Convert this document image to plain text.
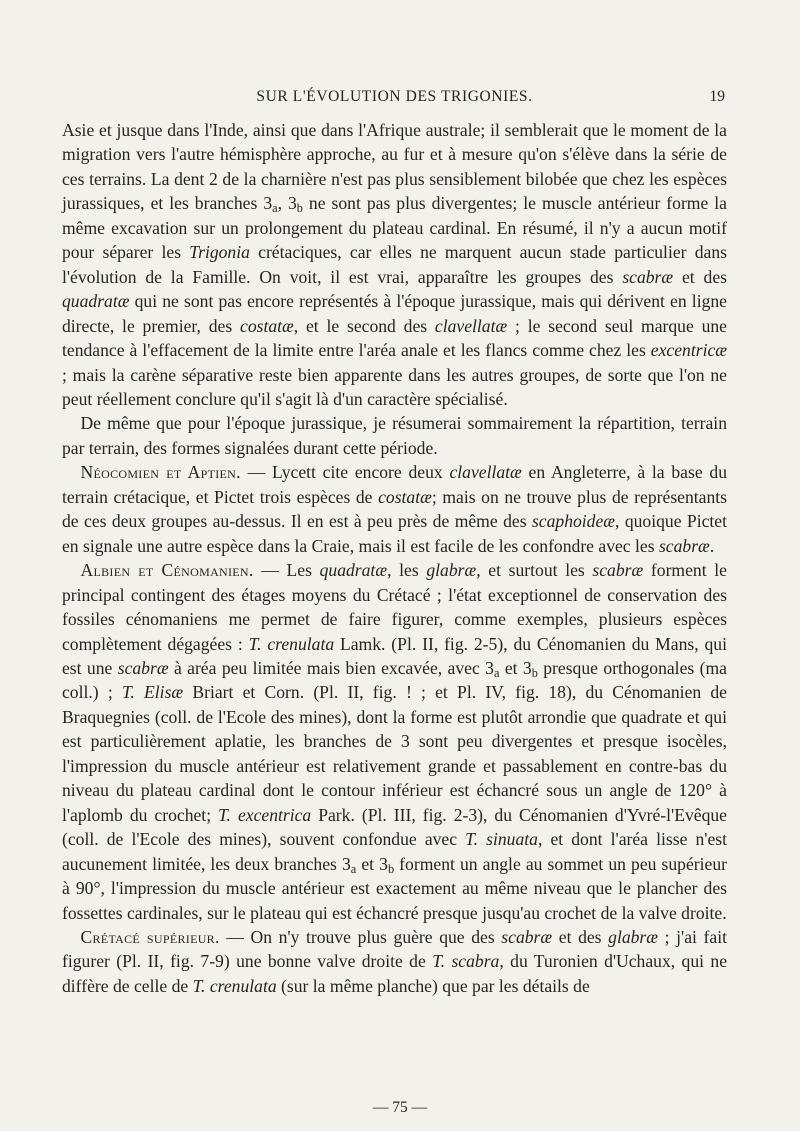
SUR L'ÉVOLUTION DES TRIGONIES.	19

Asie et jusque dans l'Inde, ainsi que dans l'Afrique australe; il semblerait que le moment de la migration vers l'autre hémisphère approche, au fur et à mesure qu'on s'élève dans la série de ces terrains. La dent 2 de la charnière n'est pas plus sensiblement bilobée que chez les espèces jurassiques, et les branches $3_a$, $3_b$ ne sont pas plus divergentes; le muscle antérieur forme la même excavation sur un prolongement du plateau cardinal. En résumé, il n'y a aucun motif pour séparer les Trigonia crétaciques, car elles ne marquent aucun stade particulier dans l'évolution de la Famille. On voit, il est vrai, apparaître les groupes des scabræ et des quadratæ qui ne sont pas encore représentés à l'époque jurassique, mais qui dérivent en ligne directe, le premier, des costatæ, et le second des clavellatæ ; le second seul marque une tendance à l'effacement de la limite entre l'aréa anale et les flancs comme chez les excentricæ ; mais la carène séparative reste bien apparente dans les autres groupes, de sorte que l'on ne peut réellement conclure qu'il s'agit là d'un caractère spécialisé.

De même que pour l'époque jurassique, je résumerai sommairement la répartition, terrain par terrain, des formes signalées durant cette période.

Néocomien et Aptien. — Lycett cite encore deux clavellatæ en Angleterre, à la base du terrain crétacique, et Pictet trois espèces de costatæ; mais on ne trouve plus de représentants de ces deux groupes au-dessus. Il en est à peu près de même des scaphoideæ, quoique Pictet en signale une autre espèce dans la Craie, mais il est facile de les confondre avec les scabræ.

Albien et Cénomanien. — Les quadratæ, les glabræ, et surtout les scabræ forment le principal contingent des étages moyens du Crétacé ; l'état exceptionnel de conservation des fossiles cénomaniens me permet de faire figurer, comme exemples, plusieurs espèces complètement dégagées : T. crenulata Lamk. (Pl. II, fig. 2-5), du Cénomanien du Mans, qui est une scabræ à aréa peu limitée mais bien excavée, avec $3_a$ et $3_b$ presque orthogonales (ma coll.) ; T. Elisæ Briart et Corn. (Pl. II, fig. ! ; et Pl. IV, fig. 18), du Cénomanien de Braquegnies (coll. de l'Ecole des mines), dont la forme est plutôt arrondie que quadrate et qui est particulièrement aplatie, les branches de 3 sont peu divergentes et presque isocèles, l'impression du muscle antérieur est relativement grande et passablement en contre-bas du niveau du plateau cardinal dont le contour inférieur est échancré sous un angle de 120° à l'aplomb du crochet; T. excentrica Park. (Pl. III, fig. 2-3), du Cénomanien d'Yvré-l'Evêque (coll. de l'Ecole des mines), souvent confondue avec T. sinuata, et dont l'aréa lisse n'est aucunement limitée, les deux branches $3_a$ et $3_b$ forment un angle au sommet un peu supérieur à 90°, l'impression du muscle antérieur est exactement au même niveau que le plancher des fossettes cardinales, sur le plateau qui est échancré presque jusqu'au crochet de la valve droite.

Crétacé supérieur. — On n'y trouve plus guère que des scabræ et des glabræ ; j'ai fait figurer (Pl. II, fig. 7-9) une bonne valve droite de T. scabra, du Turonien d'Uchaux, qui ne diffère de celle de T. crenulata (sur la même planche) que par les détails de

— 75 —
